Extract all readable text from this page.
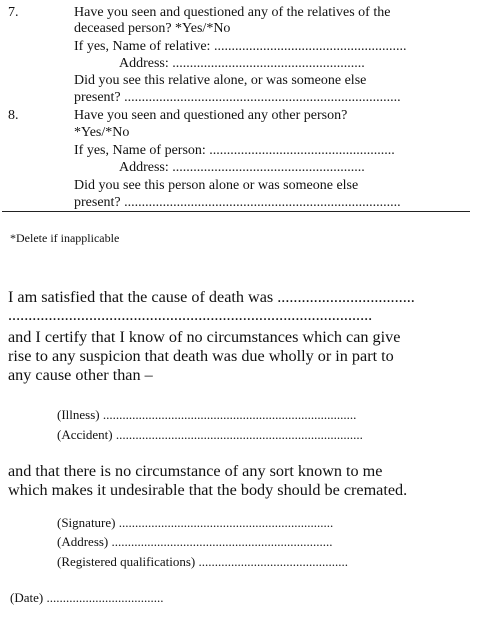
7.	Have you seen and questioned any of the relatives of the
deceased person? *Yes/*No
If yes, Name of relative: .......................................................
Address: .......................................................
Did you see this relative alone, or was someone else
present? ...............................................................................
8.	Have you seen and questioned any other person?
*Yes/*No
If yes, Name of person: .....................................................
Address: .......................................................
Did you see this person alone or was someone else
present? ...............................................................................
*Delete if inapplicable
I am satisfied that the cause of death was ..................................
..........................................................................................
and I certify that I know of no circumstances which can give
rise to any suspicion that death was due wholly or in part to
any cause other than –
(Illness) ..............................................................................
(Accident) ............................................................................
and that there is no circumstance of any sort known to me
which makes it undesirable that the body should be cremated.
(Signature) ..................................................................
(Address) ....................................................................
(Registered qualifications) ..............................................
(Date) ....................................
